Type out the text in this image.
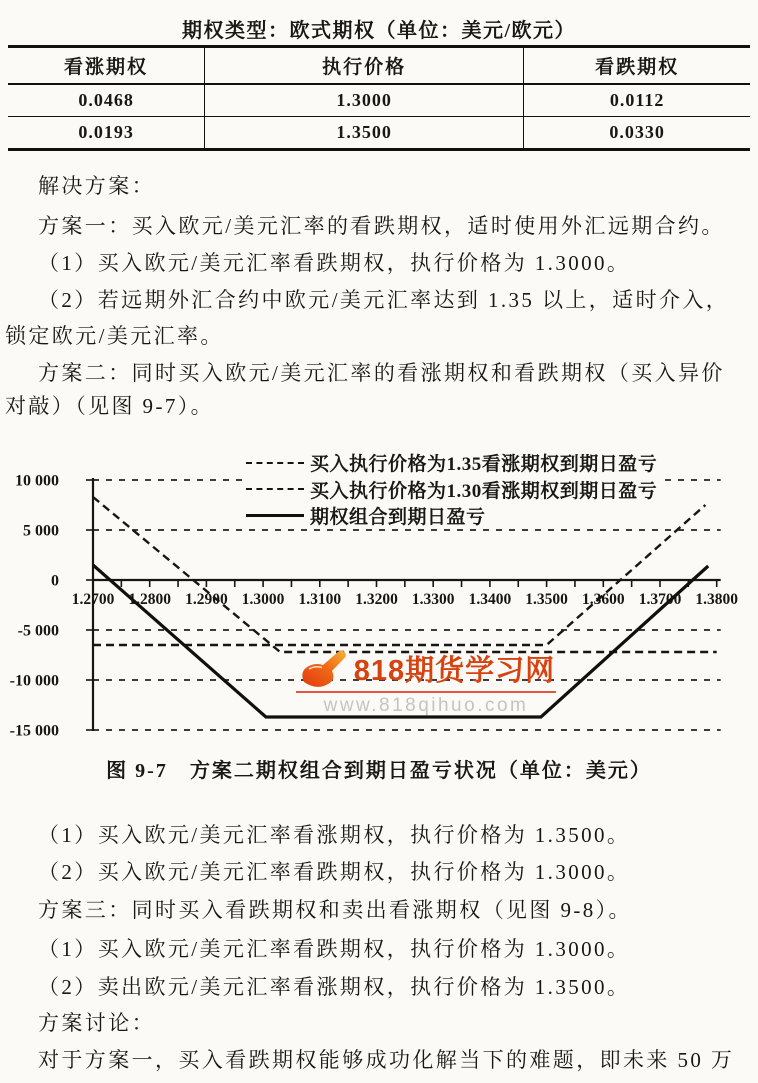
期权类型：欧式期权（单位：美元/欧元）
看涨期权	执行价格	看跌期权
0.0468	1.3000	0.0112
0.0193	1.3500	0.0330
解决方案：
方案一：买入欧元/美元汇率的看跌期权，适时使用外汇远期合约。
（1）买入欧元/美元汇率看跌期权，执行价格为 1.3000。
（2）若远期外汇合约中欧元/美元汇率达到 1.35 以上，适时介入，
锁定欧元/美元汇率。
方案二：同时买入欧元/美元汇率的看涨期权和看跌期权（买入异价
对敲）（见图 9-7）。
10 000
5 000
0
-5 000
-10 000
-15 000
1.2700 1.2800 1.2900 1.3000 1.3100 1.3200 1.3300 1.3400 1.3500 1.3600 1.3700 1.3800
买入执行价格为1.35看涨期权到期日盈亏
买入执行价格为1.30看涨期权到期日盈亏
期权组合到期日盈亏
818期货学习网
www.818qihuo.com
图 9-7　方案二期权组合到期日盈亏状况（单位：美元）
（1）买入欧元/美元汇率看涨期权，执行价格为 1.3500。
（2）买入欧元/美元汇率看跌期权，执行价格为 1.3000。
方案三：同时买入看跌期权和卖出看涨期权（见图 9-8）。
（1）买入欧元/美元汇率看跌期权，执行价格为 1.3000。
（2）卖出欧元/美元汇率看涨期权，执行价格为 1.3500。
方案讨论：
对于方案一，买入看跌期权能够成功化解当下的难题，即未来 50 万
